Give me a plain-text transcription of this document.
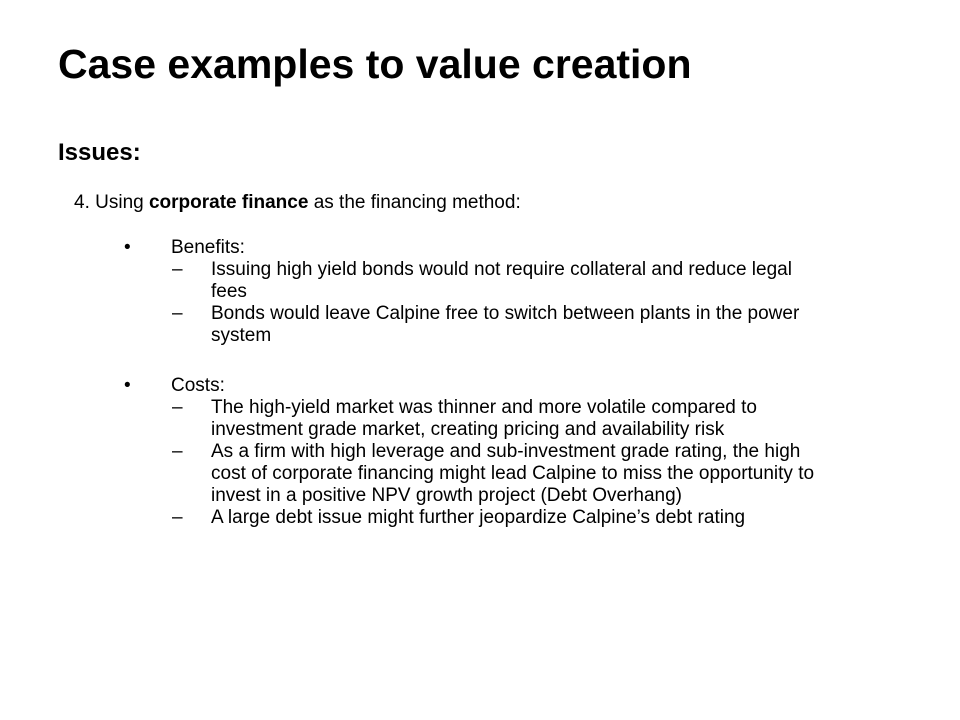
Case examples to value creation
Issues:
4. Using corporate finance as the financing method:
• Benefits:
– Issuing high yield bonds would not require collateral and reduce legal fees
– Bonds would leave Calpine free to switch between plants in the power system
• Costs:
– The high-yield market was thinner and more volatile compared to investment grade market, creating pricing and availability risk
– As a firm with high leverage and sub-investment grade rating, the high cost of corporate financing might lead Calpine to miss the opportunity to invest in a positive NPV growth project (Debt Overhang)
– A large debt issue might further jeopardize Calpine’s debt rating
